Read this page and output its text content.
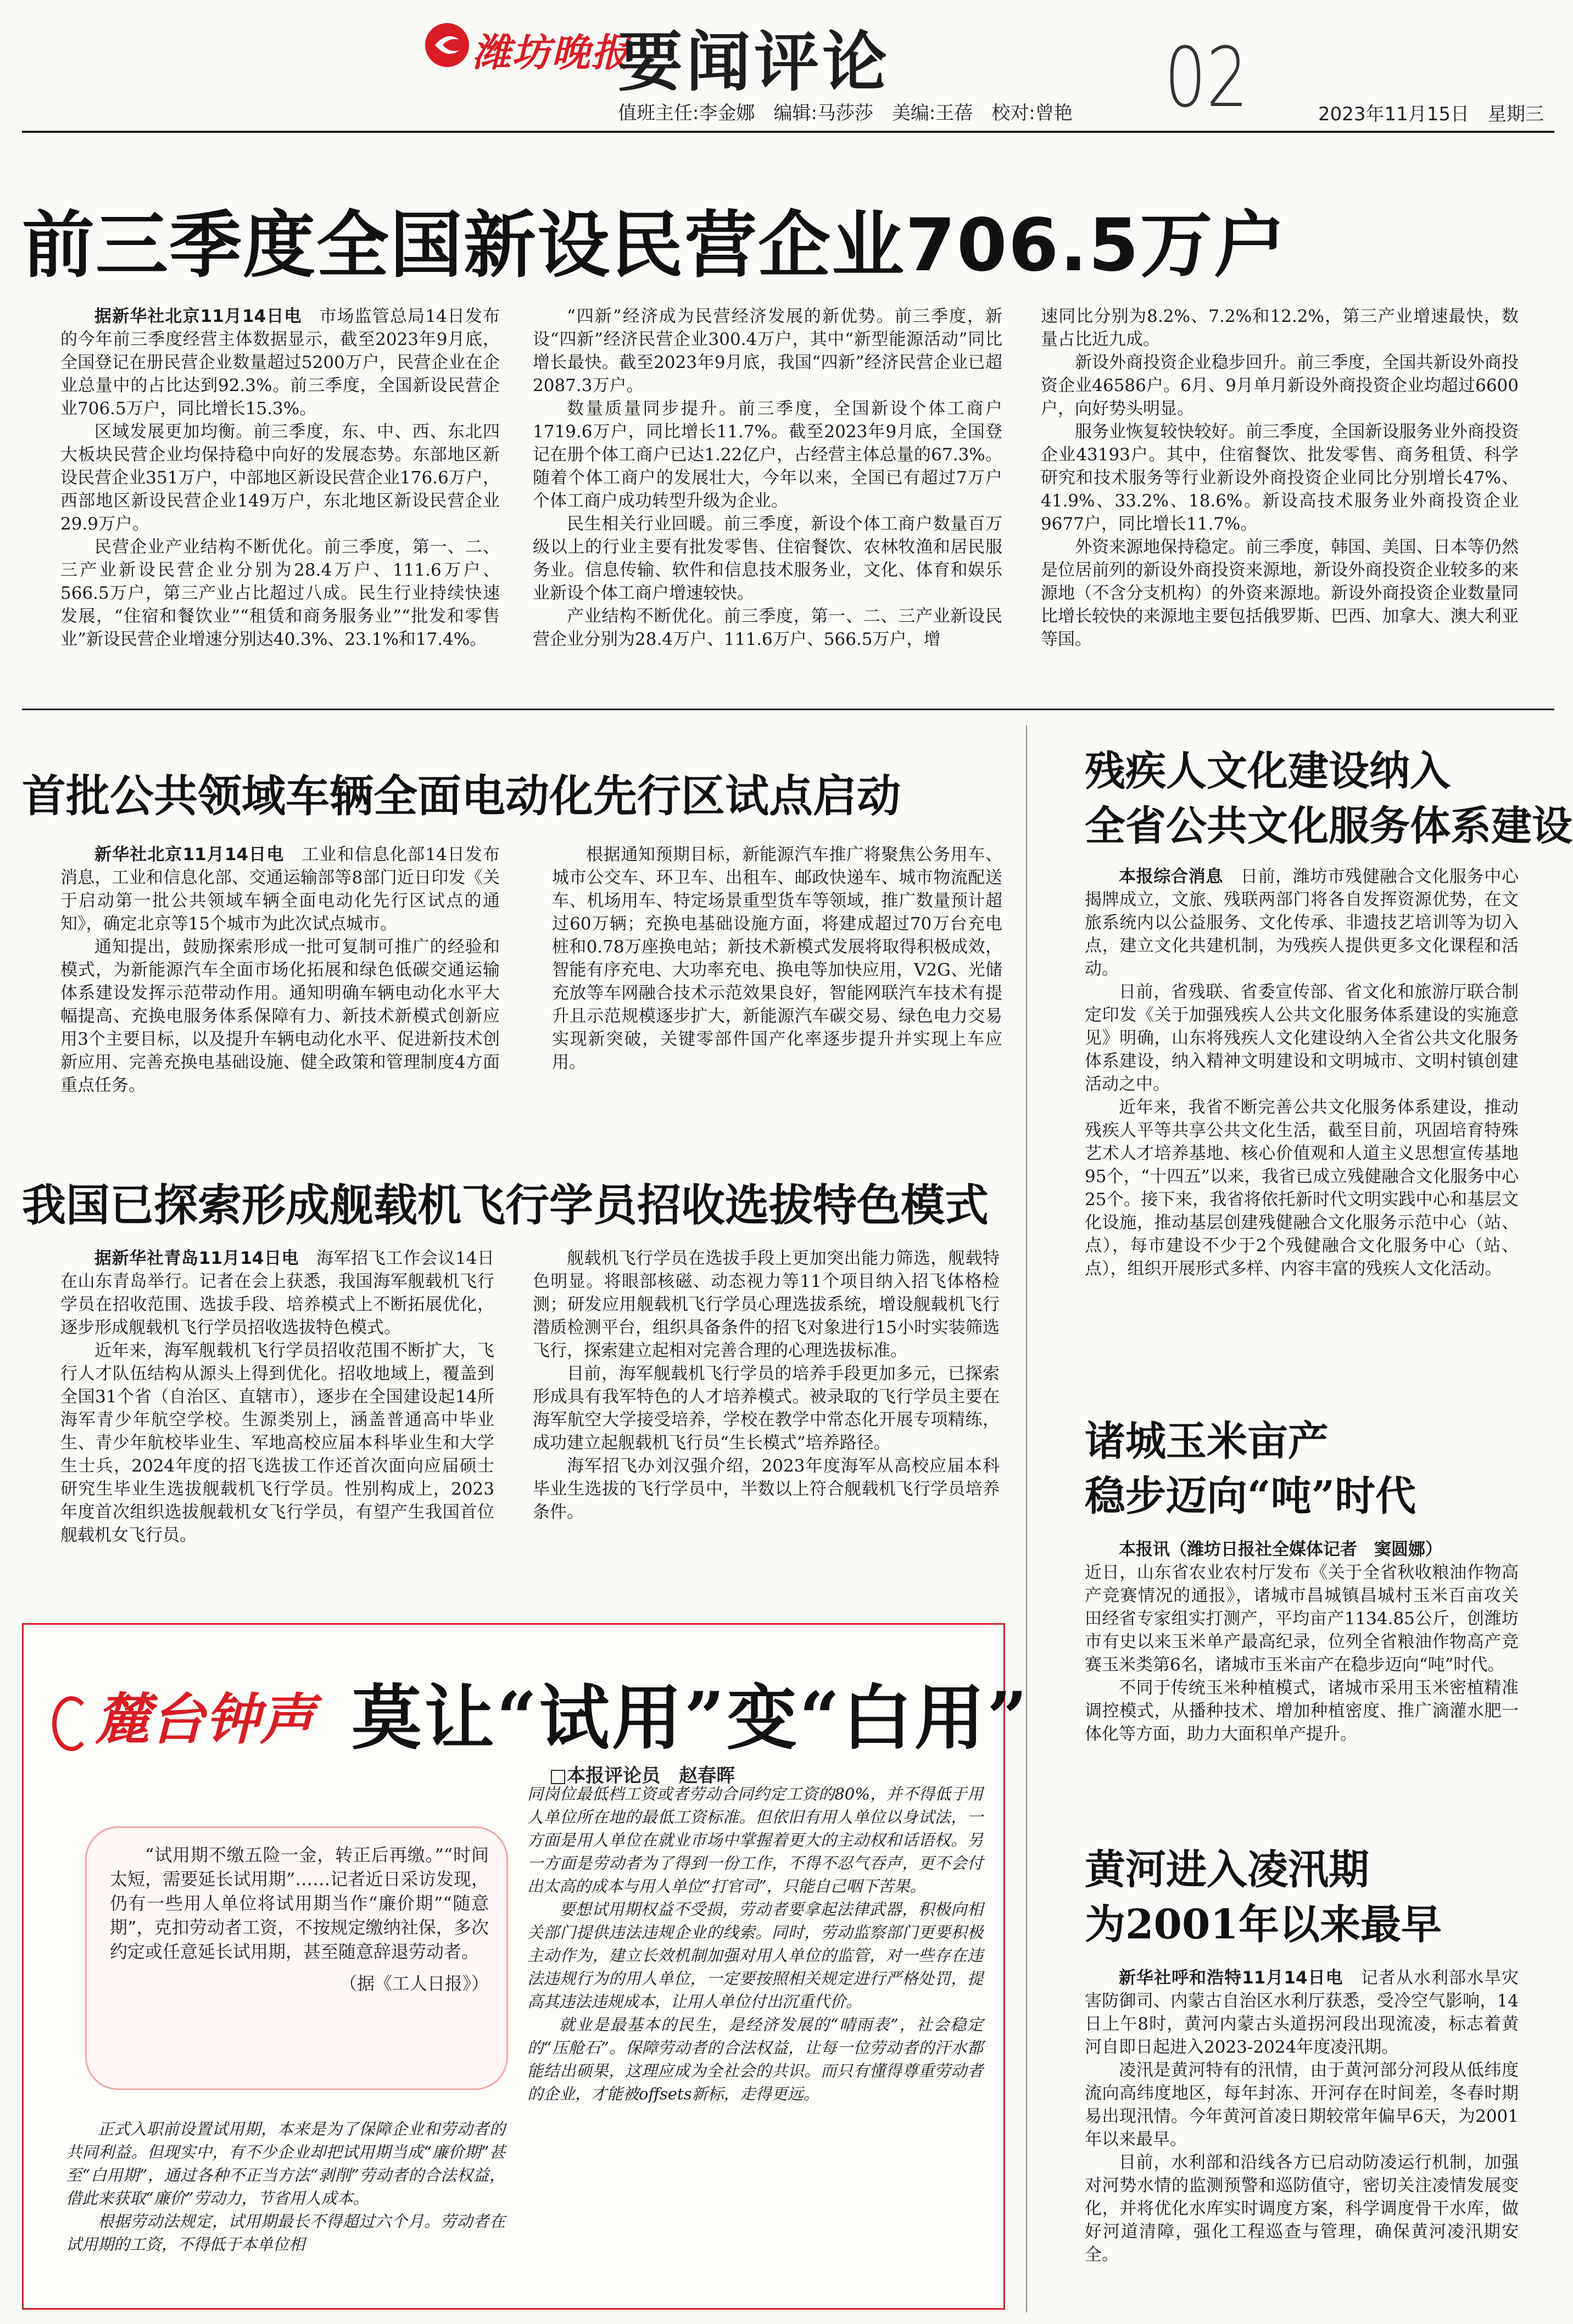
潍坊晚报
要闻评论	02
值班主任:李金娜　编辑:马莎莎　美编:王蓓　校对:曾艳	2023年11月15日　星期三
前三季度全国新设民营企业706.5万户

据新华社北京11月14日电　 市场监管总局14日发布的今年前三季度经营主体数据显示，截至2023年9月底，全国登记在册民营企业数量超过5200万户，民营企业在企业总量中的占比达到92.3%。前三季度，全国新设民营企业706.5万户，同比增长15.3%。

区域发展更加均衡。前三季度，东、中、西、东北四大板块民营企业均保持稳中向好的发展态势。东部地区新设民营企业351万户，中部地区新设民营企业176.6万户，西部地区新设民营企业149万户，东北地区新设民营企业29.9万户。

民营企业产业结构不断优化。前三季度，第一、二、三产业新设民营企业分别为28.4万户、111.6万户、566.5万户，第三产业占比超过八成。民生行业持续快速发展，“住宿和餐饮业”“租赁和商务服务业”“批发和零售业”新设民营企业增速分别达40.3%、23.1%和17.4%。

“四新”经济成为民营经济发展的新优势。前三季度，新设“四新”经济民营企业300.4万户，其中“新型能源活动”同比增长最快。截至2023年9月底，我国“四新”经济民营企业已超2087.3万户。

数量质量同步提升。前三季度，全国新设个体工商户1719.6万户，同比增长11.7%。截至2023年9月底，全国登记在册个体工商户已达1.22亿户，占经营主体总量的67.3%。随着个体工商户的发展壮大，今年以来，全国已有超过7万户个体工商户成功转型升级为企业。

民生相关行业回暖。前三季度，新设个体工商户数量百万级以上的行业主要有批发零售、住宿餐饮、农林牧渔和居民服务业。信息传输、软件和信息技术服务业，文化、体育和娱乐业新设个体工商户增速较快。

产业结构不断优化。前三季度，第一、二、三产业新设民营企业分别为28.4万户、111.6万户、566.5万户，增

速同比分别为8.2%、7.2%和12.2%，第三产业增速最快，数量占比近九成。

新设外商投资企业稳步回升。前三季度，全国共新设外商投资企业46586户。6月、9月单月新设外商投资企业均超过6600户，向好势头明显。

服务业恢复较快较好。前三季度，全国新设服务业外商投资企业43193户。其中，住宿餐饮、批发零售、商务租赁、科学研究和技术服务等行业新设外商投资企业同比分别增长47%、41.9%、33.2%、18.6%。新设高技术服务业外商投资企业9677户，同比增长11.7%。

外资来源地保持稳定。前三季度，韩国、美国、日本等仍然是位居前列的新设外商投资来源地，新设外商投资企业较多的来源地（不含分支机构）的外资来源地。新设外商投资企业数量同比增长较快的来源地主要包括俄罗斯、巴西、加拿大、澳大利亚等国。

首批公共领域车辆全面电动化先行区试点启动

新华社北京11月14日电　 工业和信息化部14日发布消息，工业和信息化部、交通运输部等8部门近日印发《关于启动第一批公共领域车辆全面电动化先行区试点的通知》，确定北京等15个城市为此次试点城市。

通知提出，鼓励探索形成一批可复制可推广的经验和模式，为新能源汽车全面市场化拓展和绿色低碳交通运输体系建设发挥示范带动作用。通知明确车辆电动化水平大幅提高、充换电服务体系保障有力、新技术新模式创新应用3个主要目标，以及提升车辆电动化水平、促进新技术创新应用、完善充换电基础设施、健全政策和管理制度4方面重点任务。

根据通知预期目标，新能源汽车推广将聚焦公务用车、城市公交车、环卫车、出租车、邮政快递车、城市物流配送车、机场用车、特定场景重型货车等领域，推广数量预计超过60万辆；充换电基础设施方面，将建成超过70万台充电桩和0.78万座换电站；新技术新模式发展将取得积极成效，智能有序充电、大功率充电、换电等加快应用，V2G、光储充放等车网融合技术示范效果良好，智能网联汽车技术有提升且示范规模逐步扩大，新能源汽车碳交易、绿色电力交易实现新突破，关键零部件国产化率逐步提升并实现上车应用。

我国已探索形成舰载机飞行学员招收选拔特色模式

据新华社青岛11月14日电　 海军招飞工作会议14日在山东青岛举行。记者在会上获悉，我国海军舰载机飞行学员在招收范围、选拔手段、培养模式上不断拓展优化，逐步形成舰载机飞行学员招收选拔特色模式。

近年来，海军舰载机飞行学员招收范围不断扩大，飞行人才队伍结构从源头上得到优化。招收地域上，覆盖到全国31个省（自治区、直辖市），逐步在全国建设起14所海军青少年航空学校。生源类别上，涵盖普通高中毕业生、青少年航校毕业生、军地高校应届本科毕业生和大学生士兵，2024年度的招飞选拔工作还首次面向应届硕士研究生毕业生选拔舰载机飞行学员。性别构成上，2023年度首次组织选拔舰载机女飞行学员，有望产生我国首位舰载机女飞行员。

舰载机飞行学员在选拔手段上更加突出能力筛选，舰载特色明显。将眼部核磁、动态视力等11个项目纳入招飞体格检测；研发应用舰载机飞行学员心理选拔系统，增设舰载机飞行潜质检测平台，组织具备条件的招飞对象进行15小时实装筛选飞行，探索建立起相对完善合理的心理选拔标准。

目前，海军舰载机飞行学员的培养手段更加多元，已探索形成具有我军特色的人才培养模式。被录取的飞行学员主要在海军航空大学接受培养，学校在教学中常态化开展专项精练，成功建立起舰载机飞行员“生长模式”培养路径。

海军招飞办刘汉强介绍，2023年度海军从高校应届本科毕业生选拔的飞行学员中，半数以上符合舰载机飞行学员培养条件。

残疾人文化建设纳入
全省公共文化服务体系建设

本报综合消息　 日前，潍坊市残健融合文化服务中心揭牌成立，文旅、残联两部门将各自发挥资源优势，在文旅系统内以公益服务、文化传承、非遗技艺培训等为切入点，建立文化共建机制，为残疾人提供更多文化课程和活动。

日前，省残联、省委宣传部、省文化和旅游厅联合制定印发《关于加强残疾人公共文化服务体系建设的实施意见》明确，山东将残疾人文化建设纳入全省公共文化服务体系建设，纳入精神文明建设和文明城市、文明村镇创建活动之中。

近年来，我省不断完善公共文化服务体系建设，推动残疾人平等共享公共文化生活，截至目前，巩固培育特殊艺术人才培养基地、核心价值观和人道主义思想宣传基地95个，“十四五”以来，我省已成立残健融合文化服务中心25个。接下来，我省将依托新时代文明实践中心和基层文化设施，推动基层创建残健融合文化服务示范中心（站、点），每市建设不少于2个残健融合文化服务中心（站、点），组织开展形式多样、内容丰富的残疾人文化活动。

诸城玉米亩产
稳步迈向“吨”时代

本报讯（潍坊日报社全媒体记者　窦圆娜）

近日，山东省农业农村厅发布《关于全省秋收粮油作物高产竞赛情况的通报》，诸城市昌城镇昌城村玉米百亩攻关田经省专家组实打测产，平均亩产1134.85公斤，创潍坊市有史以来玉米单产最高纪录，位列全省粮油作物高产竞赛玉米类第6名，诸城市玉米亩产在稳步迈向“吨”时代。

不同于传统玉米种植模式，诸城市采用玉米密植精准调控模式，从播种技术、增加种植密度、推广滴灌水肥一体化等方面，助力大面积单产提升。

黄河进入凌汛期
为2001年以来最早

新华社呼和浩特11月14日电　 记者从水利部水旱灾害防御司、内蒙古自治区水利厅获悉，受冷空气影响，14日上午8时，黄河内蒙古头道拐河段出现流凌，标志着黄河自即日起进入2023-2024年度凌汛期。

凌汛是黄河特有的汛情，由于黄河部分河段从低纬度流向高纬度地区，每年封冻、开河存在时间差，冬春时期易出现汛情。今年黄河首凌日期较常年偏早6天，为2001年以来最早。

目前，水利部和沿线各方已启动防凌运行机制，加强对河势水情的监测预警和巡防值守，密切关注凌情发展变化，并将优化水库实时调度方案，科学调度骨干水库，做好河道清障，强化工程巡查与管理，确保黄河凌汛期安全。

麓台钟声 莫让“试用”变“白用”
□本报评论员　赵春晖

“试用期不缴五险一金，转正后再缴。”“时间太短，需要延长试用期”……记者近日采访发现，仍有一些用人单位将试用期当作“廉价期”“随意期”，克扣劳动者工资，不按规定缴纳社保，多次约定或任意延长试用期，甚至随意辞退劳动者。

（据《工人日报》）

正式入职前设置试用期，本来是为了保障企业和劳动者的共同利益。但现实中，有不少企业却把试用期当成“廉价期”甚至“白用期”，通过各种不正当方法“剥削”劳动者的合法权益，借此来获取“廉价”劳动力，节省用人成本。

根据劳动法规定，试用期最长不得超过六个月。劳动者在试用期的工资，不得低于本单位相

同岗位最低档工资或者劳动合同约定工资的80%，并不得低于用人单位所在地的最低工资标准。但依旧有用人单位以身试法，一方面是用人单位在就业市场中掌握着更大的主动权和话语权。另一方面是劳动者为了得到一份工作，不得不忍气吞声，更不会付出太高的成本与用人单位“打官司”，只能自己咽下苦果。

要想试用期权益不受损，劳动者要拿起法律武器，积极向相关部门提供违法违规企业的线索。同时，劳动监察部门更要积极主动作为，建立长效机制加强对用人单位的监管，对一些存在违法违规行为的用人单位，一定要按照相关规定进行严格处罚，提高其违法违规成本，让用人单位付出沉重代价。

就业是最基本的民生，是经济发展的“晴雨表”，社会稳定的“压舱石”。保障劳动者的合法权益，让每一位劳动者的汗水都能结出硕果，这理应成为全社会的共识。而只有懂得尊重劳动者的企业，才能被offsets新标，走得更远。
